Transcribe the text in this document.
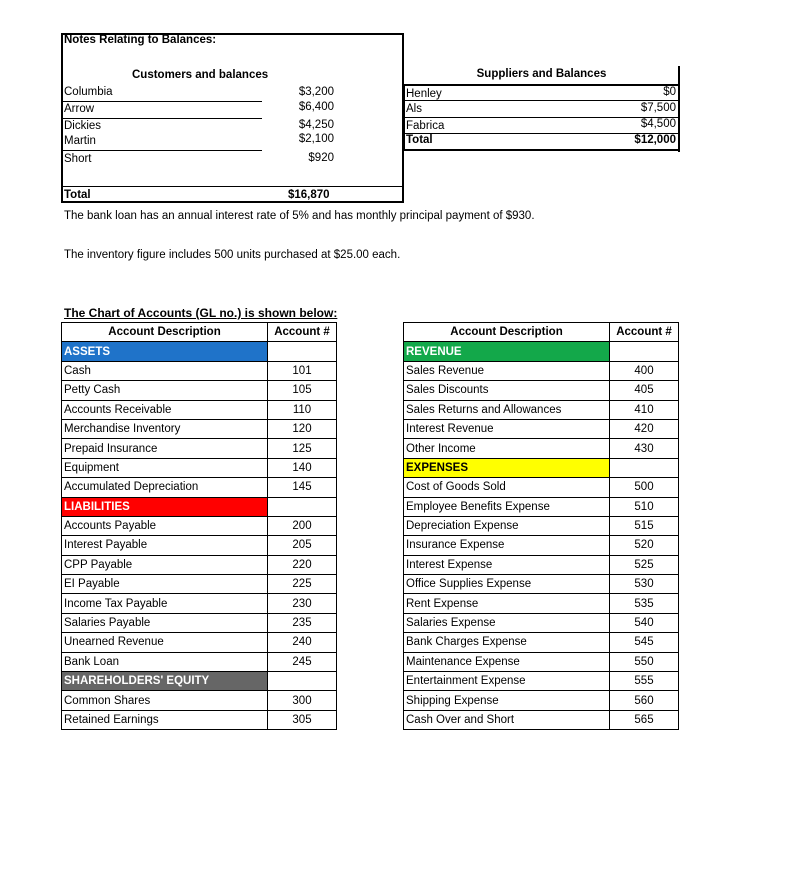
Notes Relating to Balances:
Customers and balances
Columbia	$3,200
Arrow	$6,400
Dickies	$4,250
Martin	$2,100
Short	$920
Total	$16,870
The bank loan has an annual interest rate of 5% and has monthly principal payment of $930.
The inventory figure includes 500 units purchased at $25.00 each.
Suppliers and Balances
Henley	$0
Als	$7,500
Fabrica	$4,500
Total	$12,000
The Chart of Accounts (GL no.) is shown below:
Account Description	Account #
ASSETS	
Cash	101
Petty Cash	105
Accounts Receivable	110
Merchandise Inventory	120
Prepaid Insurance	125
Equipment	140
Accumulated Depreciation	145
LIABILITIES	
Accounts Payable	200
Interest Payable	205
CPP Payable	220
EI Payable	225
Income Tax Payable	230
Salaries Payable	235
Unearned Revenue	240
Bank Loan	245
SHAREHOLDERS' EQUITY	
Common Shares	300
Retained Earnings	305
Account Description	Account #
REVENUE	
Sales Revenue	400
Sales Discounts	405
Sales Returns and Allowances	410
Interest Revenue	420
Other Income	430
EXPENSES	
Cost of Goods Sold	500
Employee Benefits Expense	510
Depreciation Expense	515
Insurance Expense	520
Interest Expense	525
Office Supplies Expense	530
Rent Expense	535
Salaries Expense	540
Bank Charges Expense	545
Maintenance Expense	550
Entertainment Expense	555
Shipping Expense	560
Cash Over and Short	565
